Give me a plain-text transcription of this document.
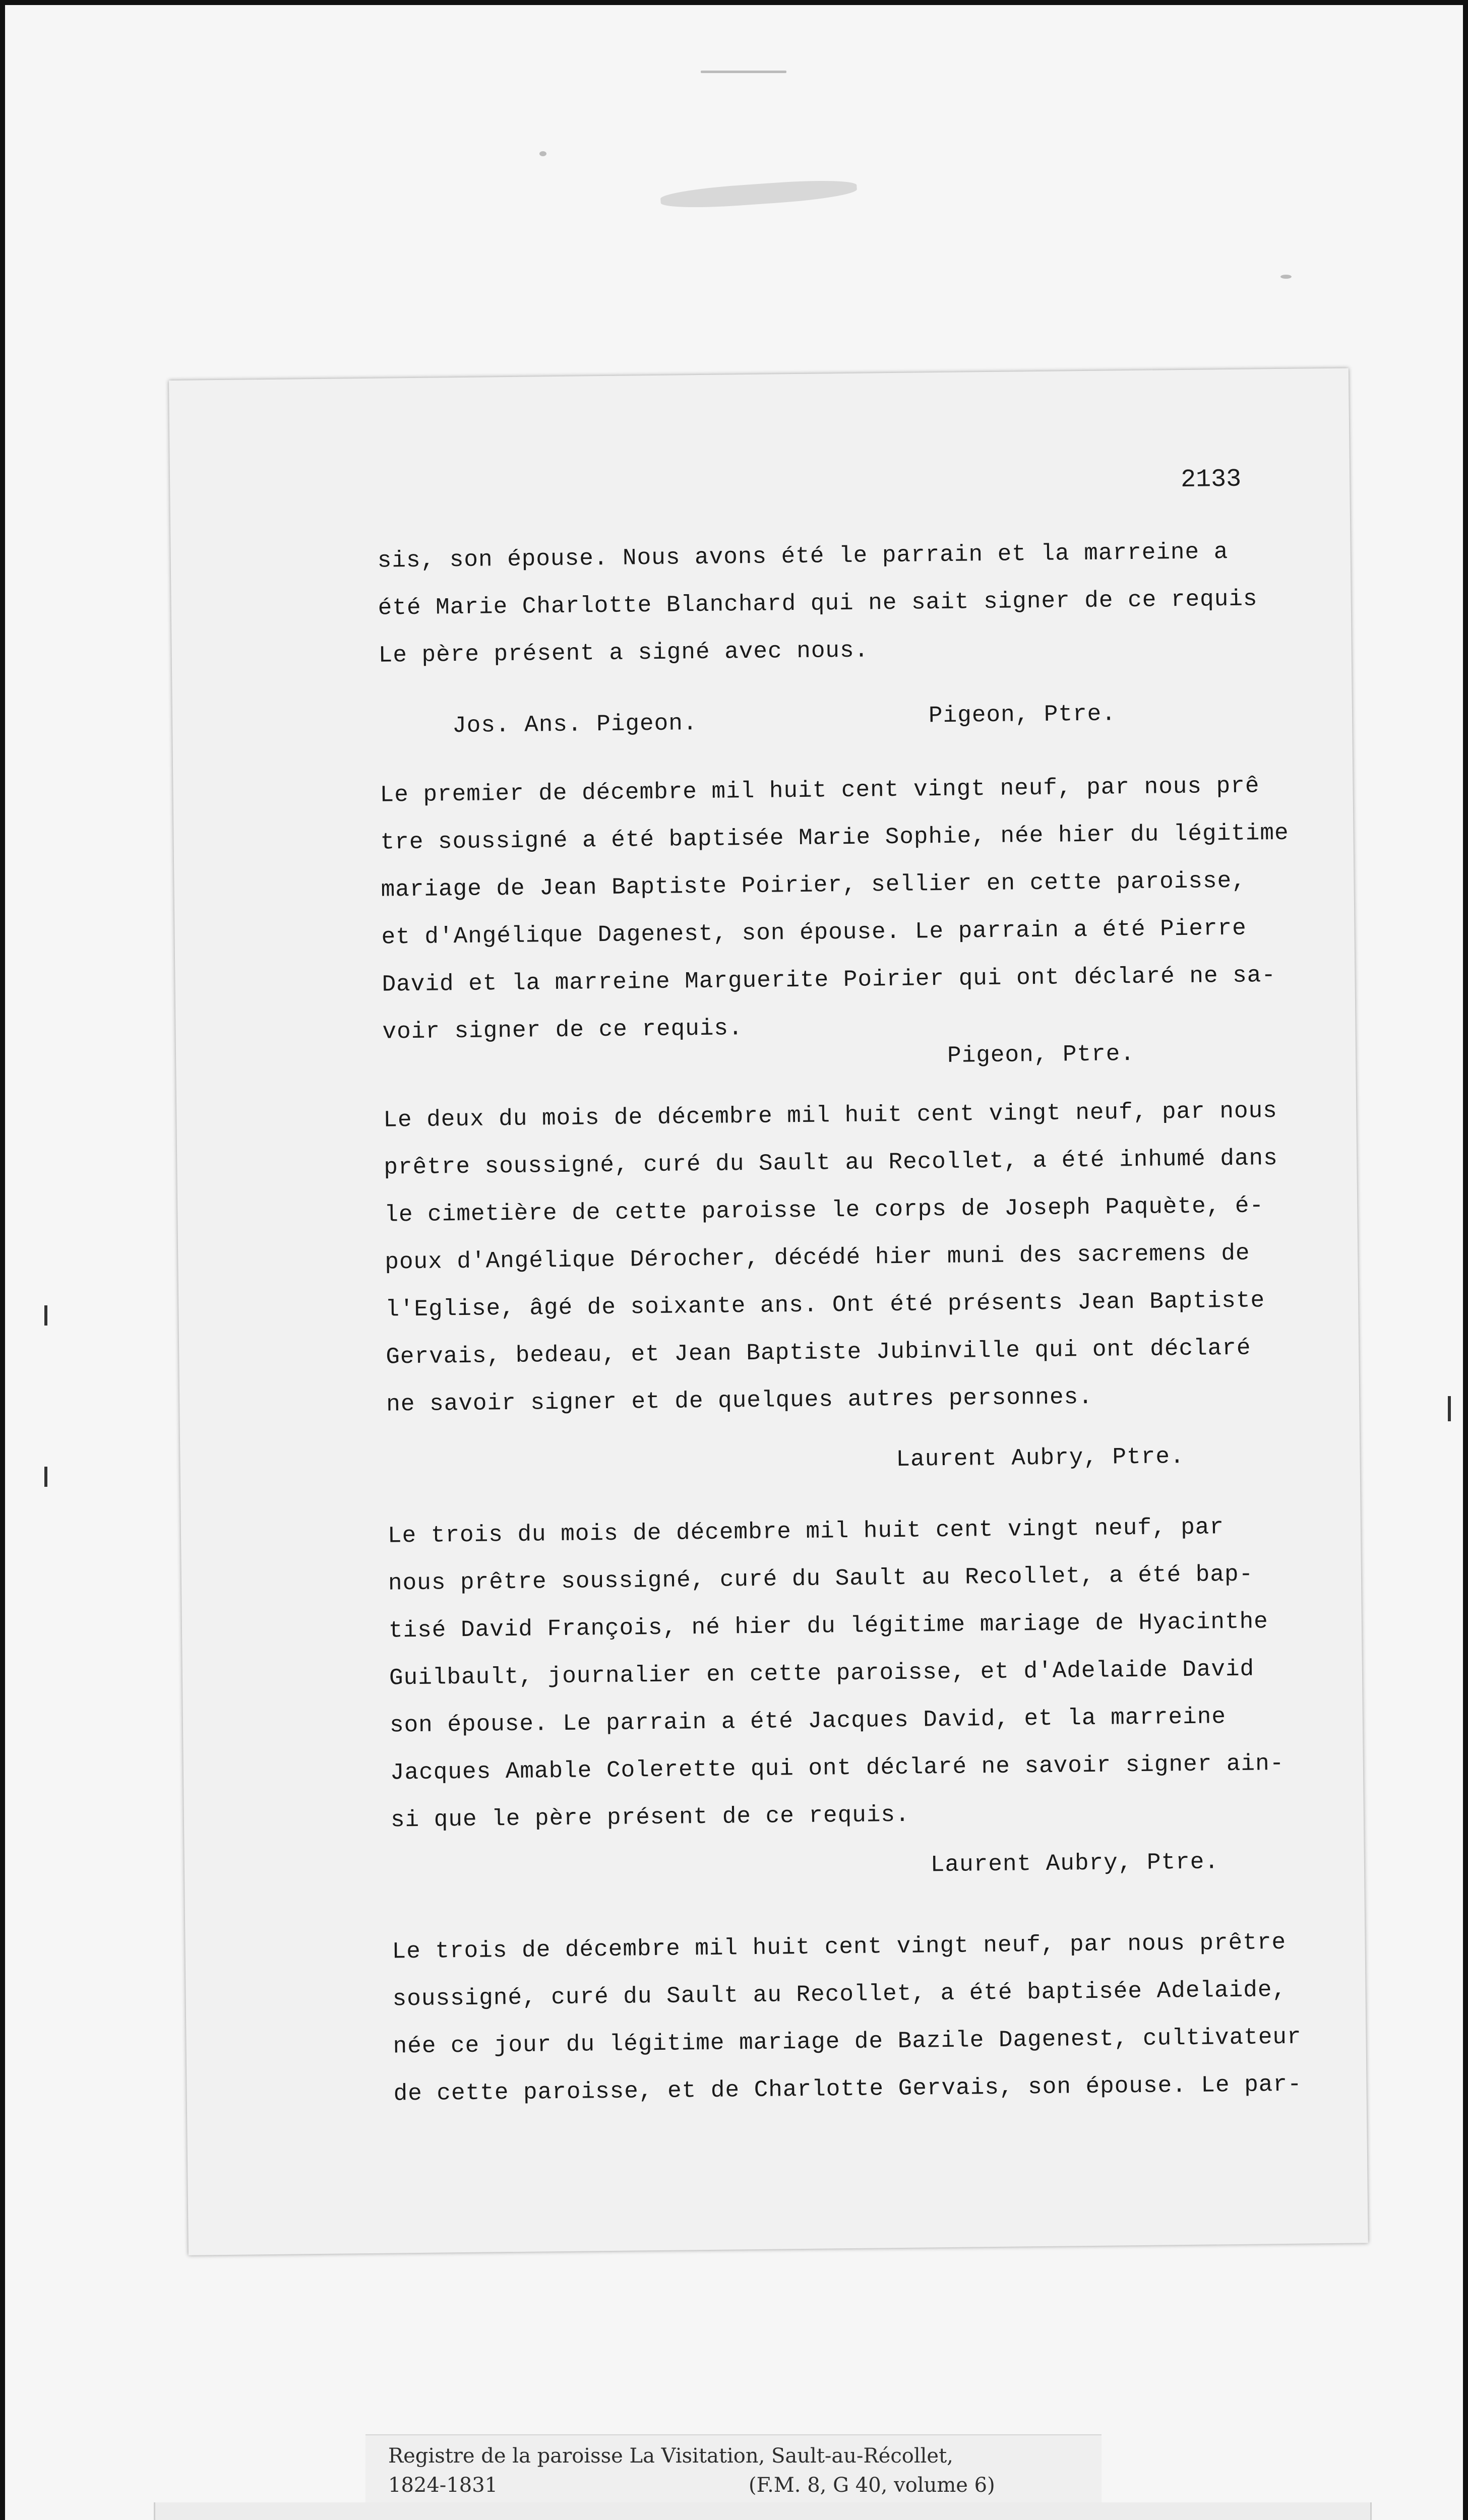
2133

sis, son épouse. Nous avons été le parrain et la marreine a

été Marie Charlotte Blanchard qui ne sait signer de ce requis

Le père présent a signé avec nous.

Jos. Ans. Pigeon.	Pigeon, Ptre.

Le premier de décembre mil huit cent vingt neuf, par nous prê

tre soussigné a été baptisée Marie Sophie, née hier du légitime

mariage de Jean Baptiste Poirier, sellier en cette paroisse,

et d'Angélique Dagenest, son épouse. Le parrain a été Pierre

David et la marreine Marguerite Poirier qui ont déclaré ne sa-

voir signer de ce requis.

Pigeon, Ptre.

Le deux du mois de décembre mil huit cent vingt neuf, par nous

prêtre soussigné, curé du Sault au Recollet, a été inhumé dans

le cimetière de cette paroisse le corps de Joseph Paquète, é-

poux d'Angélique Dérocher, décédé hier muni des sacremens de

l'Eglise, âgé de soixante ans. Ont été présents Jean Baptiste

Gervais, bedeau, et Jean Baptiste Jubinville qui ont déclaré

ne savoir signer et de quelques autres personnes.

Laurent Aubry, Ptre.

Le trois du mois de décembre mil huit cent vingt neuf, par

nous prêtre soussigné, curé du Sault au Recollet, a été bap-

tisé David François, né hier du légitime mariage de Hyacinthe

Guilbault, journalier en cette paroisse, et d'Adelaide David

son épouse. Le parrain a été Jacques David, et la marreine

Jacques Amable Colerette qui ont déclaré ne savoir signer ain-

si que le père présent de ce requis.

Laurent Aubry, Ptre.

Le trois de décembre mil huit cent vingt neuf, par nous prêtre

soussigné, curé du Sault au Recollet, a été baptisée Adelaide,

née ce jour du légitime mariage de Bazile Dagenest, cultivateur

de cette paroisse, et de Charlotte Gervais, son épouse. Le par-

Registre de la paroisse La Visitation, Sault-au-Récollet,
1824-1831	(F.M. 8, G 40, volume 6)
